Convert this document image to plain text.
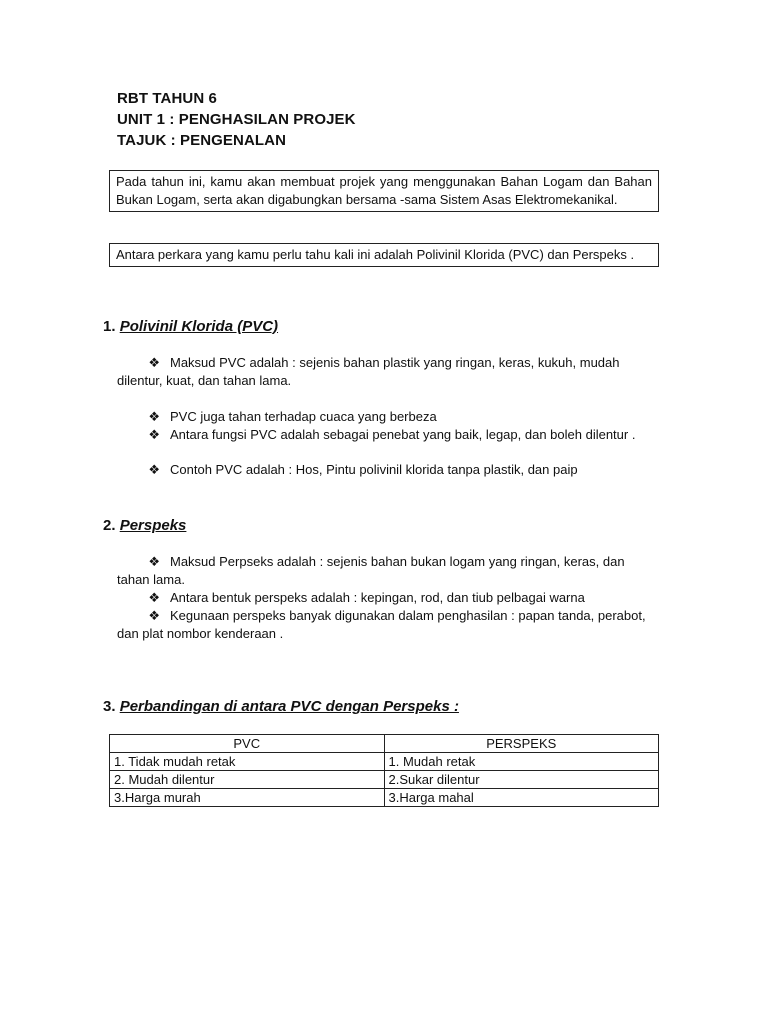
RBT TAHUN 6
UNIT 1 : PENGHASILAN PROJEK
TAJUK : PENGENALAN
Pada tahun ini, kamu akan membuat projek yang menggunakan Bahan Logam dan Bahan Bukan Logam, serta akan digabungkan bersama -sama Sistem Asas Elektromekanikal.
Antara perkara yang kamu perlu tahu kali ini adalah Polivinil Klorida (PVC) dan Perspeks .
1. Polivinil Klorida (PVC)
❖ Maksud PVC adalah : sejenis bahan plastik yang ringan, keras, kukuh, mudah dilentur, kuat, dan tahan lama.
❖ PVC juga tahan terhadap cuaca yang berbeza
❖ Antara fungsi PVC adalah sebagai penebat yang baik, legap, dan boleh dilentur .
❖ Contoh PVC adalah : Hos, Pintu polivinil klorida tanpa plastik, dan paip
2. Perspeks
❖ Maksud Perpseks adalah : sejenis bahan bukan logam yang ringan, keras, dan tahan lama.
❖ Antara bentuk perspeks adalah : kepingan, rod, dan tiub pelbagai warna
❖ Kegunaan perspeks banyak digunakan dalam penghasilan : papan tanda, perabot, dan plat nombor kenderaan .
3. Perbandingan di antara PVC dengan Perspeks :
PVC	PERSPEKS
1. Tidak mudah retak	1. Mudah retak
2. Mudah dilentur	2.Sukar dilentur
3.Harga murah	3.Harga mahal
